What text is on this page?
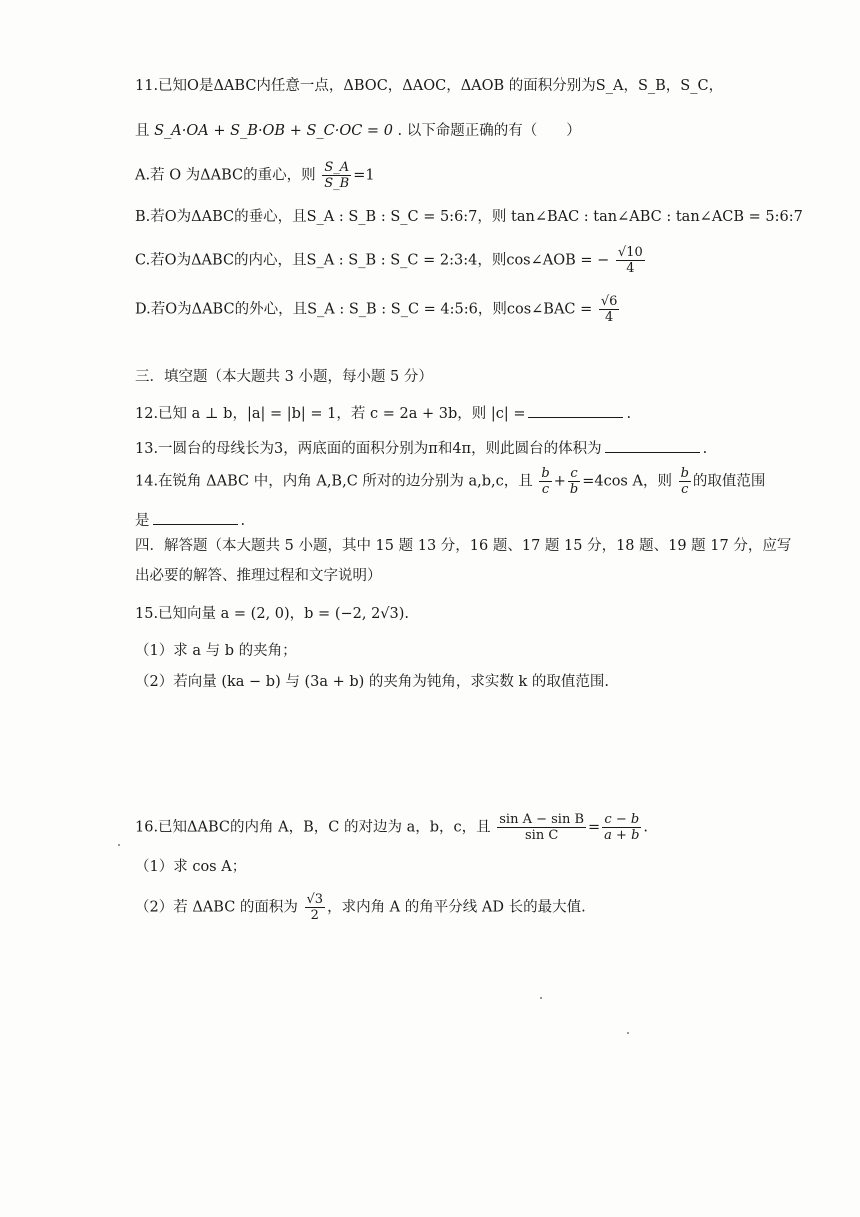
11.已知O是ΔABC内任意一点，ΔBOC，ΔAOC，ΔAOB 的面积分别为S_A，S_B，S_C，
且 S_A·OA + S_B·OB + S_C·OC = 0 . 以下命题正确的有（　　）
A.若 O 为ΔABC的重心，则 $\frac{S\_A}{S\_B} =1$
B.若O为ΔABC的垂心，且S_A : S_B : S_C = 5:6:7，则 tan∠BAC : tan∠ABC : tan∠ACB = 5:6:7
C.若O为ΔABC的内心，且S_A : S_B : S_C = 2:3:4，则cos∠AOB = − $\frac{√10}{4}$
D.若O为ΔABC的外心，且S_A : S_B : S_C = 4:5:6，则cos∠BAC = $\frac{√6}{4}$
三．填空题（本大题共 3 小题，每小题 5 分）
12.已知 a ⊥ b，|a| = |b| = 1，若 c = 2a + 3b，则 |c| =	.
13.一圆台的母线长为3，两底面的面积分别为π和4π，则此圆台的体积为	.
14.在锐角 ΔABC 中，内角 A,B,C 所对的边分别为 a,b,c，且 $\frac{b}{c} + \frac{c}{b} =4\cos$ A，则 $\frac{b}{c}$ 的取值范围
是	.
四．解答题（本大题共 5 小题，其中 15 题 13 分，16 题、17 题 15 分，18 题、19 题 17 分，应写
出必要的解答、推理过程和文字说明）
15.已知向量 a = (2, 0)，b = (−2, 2√3).
（1）求 a 与 b 的夹角；
（2）若向量 (ka − b) 与 (3a + b) 的夹角为钝角，求实数 k 的取值范围.
16.已知ΔABC的内角 A，B，C 的对边为 a，b，c，且 $\frac{\text{sin A − sin B}}{\text{sin C}} = \frac{c - b}{a + b}$ .
（1）求 cos A；
（2）若 ΔABC 的面积为 $\frac{√3}{2}$ ，求内角 A 的角平分线 AD 长的最大值.
